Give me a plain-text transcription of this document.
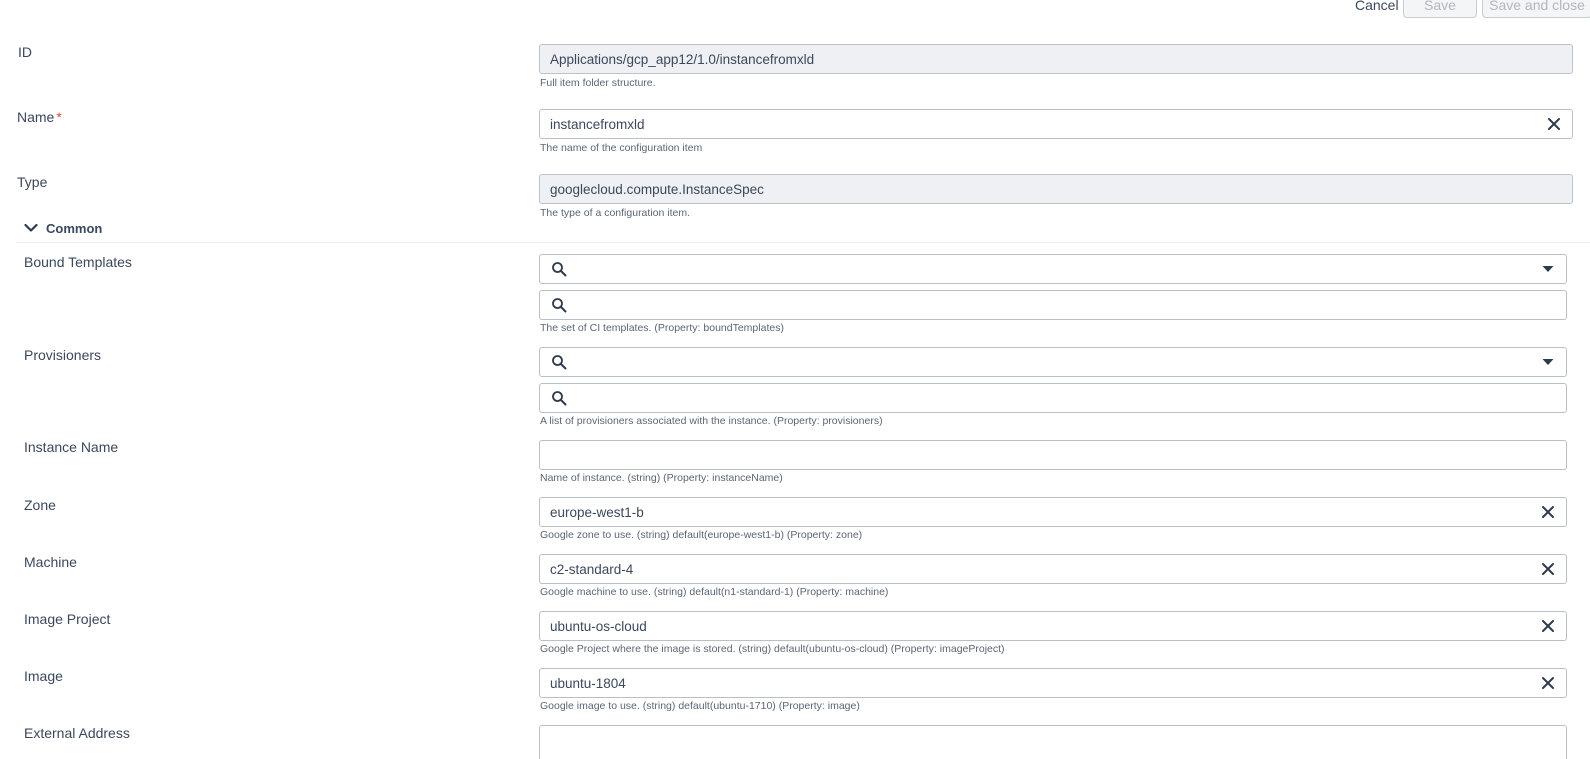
Cancel Save Save and close
ID	Applications/gcp_app12/1.0/instancefromxld
Full item folder structure.
Name *	instancefromxld
The name of the configuration item
Type	googlecloud.compute.InstanceSpec
The type of a configuration item.
Common
Bound Templates
The set of CI templates. (Property: boundTemplates)
Provisioners
A list of provisioners associated with the instance. (Property: provisioners)
Instance Name
Name of instance. (string) (Property: instanceName)
Zone	europe-west1-b
Google zone to use. (string) default(europe-west1-b) (Property: zone)
Machine	c2-standard-4
Google machine to use. (string) default(n1-standard-1) (Property: machine)
Image Project	ubuntu-os-cloud
Google Project where the image is stored. (string) default(ubuntu-os-cloud) (Property: imageProject)
Image	ubuntu-1804
Google image to use. (string) default(ubuntu-1710) (Property: image)
External Address
